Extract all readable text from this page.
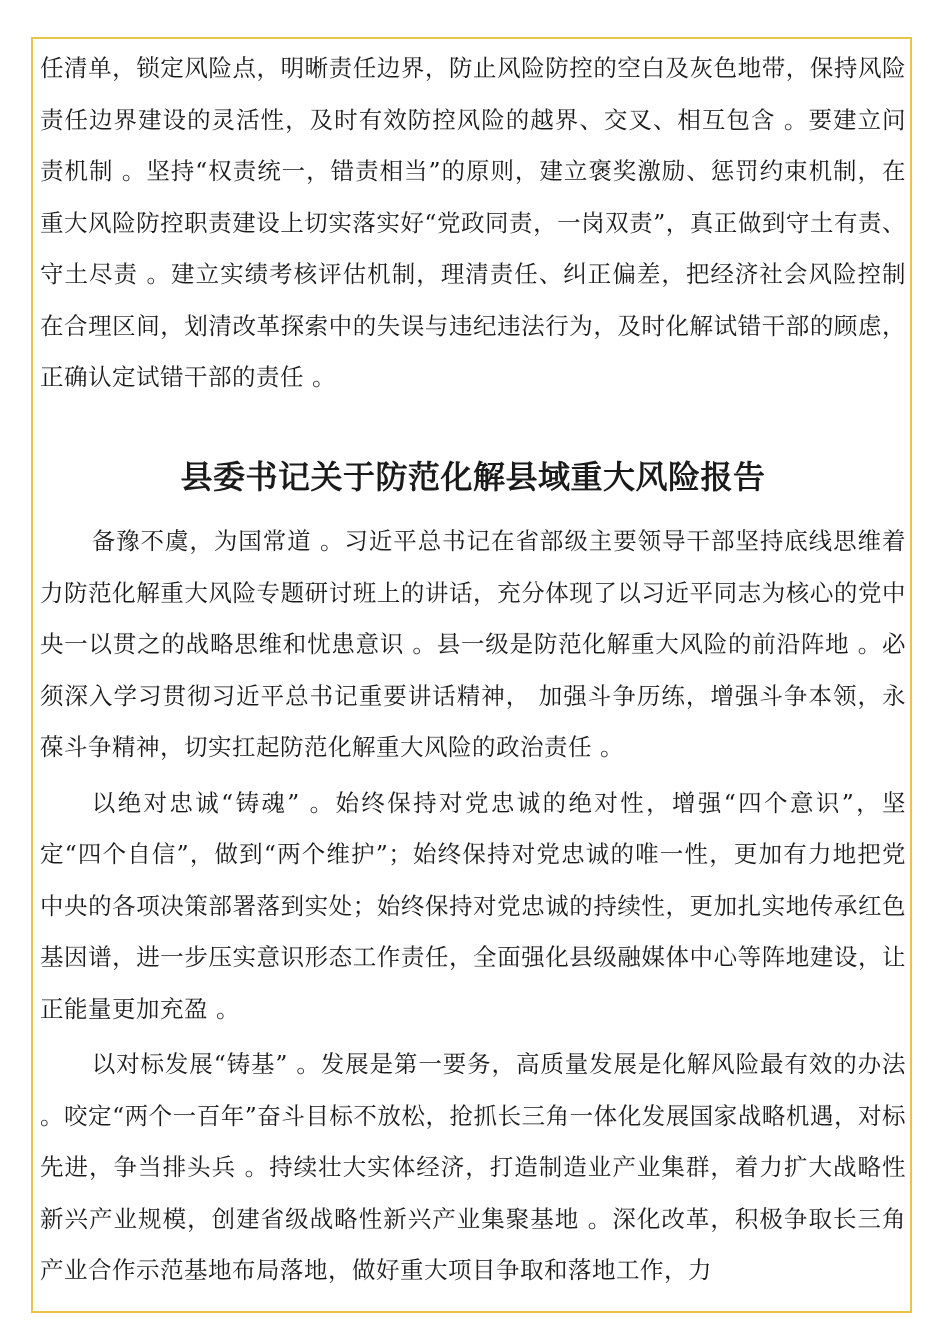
任清单，锁定风险点，明晰责任边界，防止风险防控的空白及灰色地带，保持风险责任边界建设的灵活性，及时有效防控风险的越界、交叉、相互包含 。要建立问责机制 。坚持“权责统一，错责相当”的原则，建立褒奖激励、惩罚约束机制，在重大风险防控职责建设上切实落实好“党政同责，一岗双责”，真正做到守土有责、守土尽责 。建立实绩考核评估机制，理清责任、纠正偏差，把经济社会风险控制在合理区间，划清改革探索中的失误与违纪违法行为，及时化解试错干部的顾虑，正确认定试错干部的责任 。

县委书记关于防范化解县域重大风险报告

备豫不虞，为国常道 。习近平总书记在省部级主要领导干部坚持底线思维着力防范化解重大风险专题研讨班上的讲话，充分体现了以习近平同志为核心的党中央一以贯之的战略思维和忧患意识 。县一级是防范化解重大风险的前沿阵地 。必须深入学习贯彻习近平总书记重要讲话精神， 加强斗争历练，增强斗争本领，永葆斗争精神，切实扛起防范化解重大风险的政治责任 。

以绝对忠诚“铸魂” 。始终保持对党忠诚的绝对性，增强“四个意识”，坚定“四个自信”，做到“两个维护”；始终保持对党忠诚的唯一性，更加有力地把党中央的各项决策部署落到实处；始终保持对党忠诚的持续性，更加扎实地传承红色基因谱，进一步压实意识形态工作责任，全面强化县级融媒体中心等阵地建设，让正能量更加充盈 。

以对标发展“铸基” 。发展是第一要务，高质量发展是化解风险最有效的办法 。咬定“两个一百年”奋斗目标不放松，抢抓长三角一体化发展国家战略机遇，对标先进，争当排头兵 。持续壮大实体经济，打造制造业产业集群，着力扩大战略性新兴产业规模，创建省级战略性新兴产业集聚基地 。深化改革，积极争取长三角产业合作示范基地布局落地，做好重大项目争取和落地工作，力
